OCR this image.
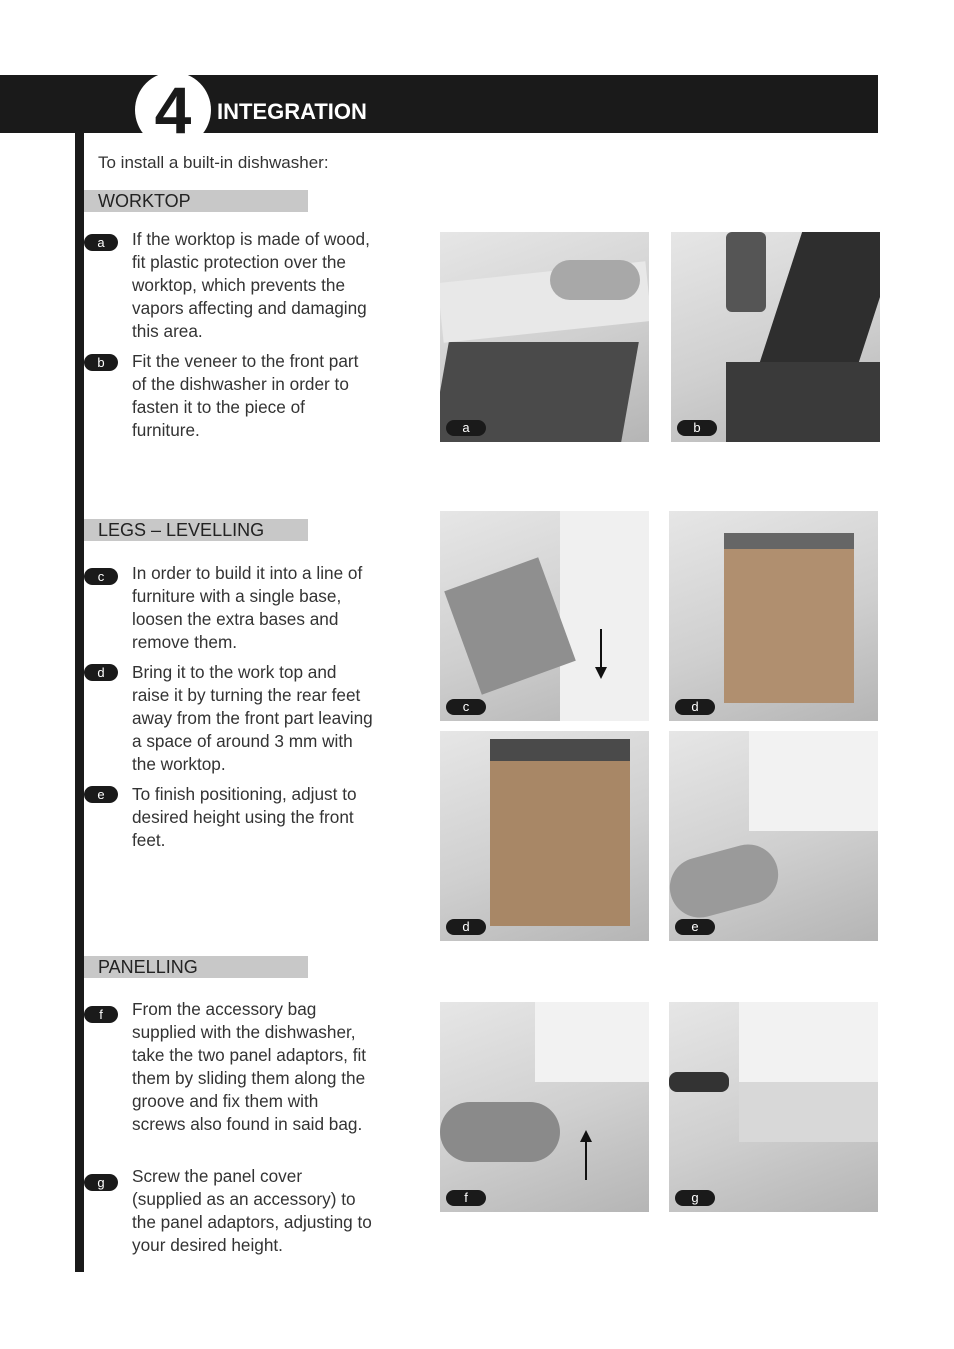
4	INTEGRATION
To install a built-in dishwasher:
WORKTOP
a	If the worktop is made of wood, fit plastic protection over the worktop, which prevents the vapors affecting and damaging this area.
b	Fit the veneer to the front part of the dishwasher in order to fasten it to the piece of furniture.
LEGS – LEVELLING
c	In order to build it into a line of furniture with a single base, loosen the extra bases and remove them.
d	Bring it to the work top and raise it by turning the rear feet away from the front part leaving a space of around 3 mm with the worktop.
e	To finish positioning, adjust to desired height using the front feet.
PANELLING
f	From the accessory bag supplied with the dishwasher, take the two panel adaptors, fit them by sliding them along the groove and fix them with screws also found in said bag.
g	Screw the panel cover (supplied as an accessory) to the panel adaptors, adjusting to your desired height.
a	b
c	d
d	e
f	g
